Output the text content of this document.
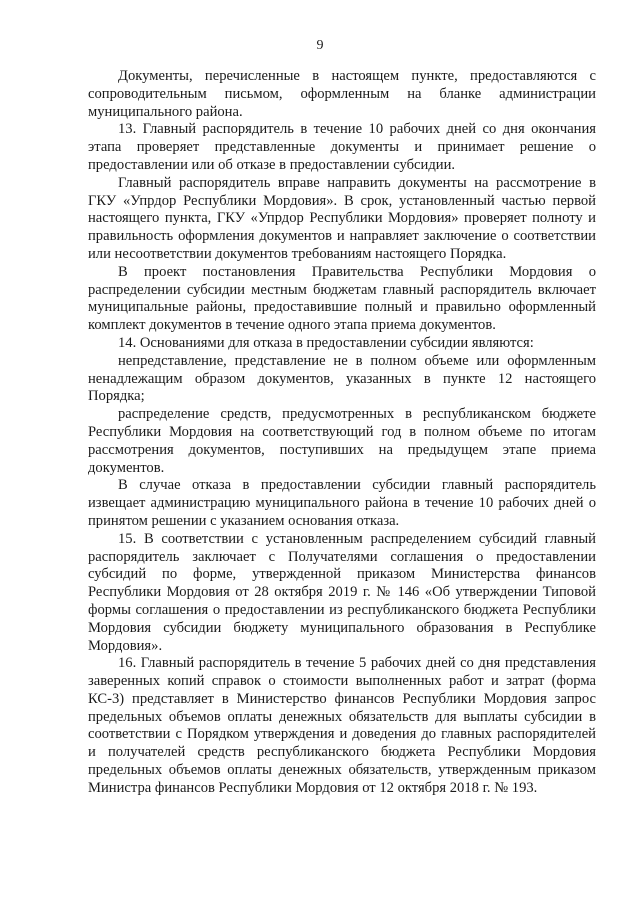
9

Документы, перечисленные в настоящем пункте, предоставляются с сопроводительным письмом, оформленным на бланке администрации муниципального района.

13. Главный распорядитель в течение 10 рабочих дней со дня окончания этапа проверяет представленные документы и принимает решение о предоставлении или об отказе в предоставлении субсидии.

Главный распорядитель вправе направить документы на рассмотрение в ГКУ «Упрдор Республики Мордовия». В срок, установленный частью первой настоящего пункта, ГКУ «Упрдор Республики Мордовия» проверяет полноту и правильность оформления документов и направляет заключение о соответствии или несоответствии документов требованиям настоящего Порядка.

В проект постановления Правительства Республики Мордовия о распределении субсидии местным бюджетам главный распорядитель включает муниципальные районы, предоставившие полный и правильно оформленный комплект документов в течение одного этапа приема документов.

14. Основаниями для отказа в предоставлении субсидии являются:

непредставление, представление не в полном объеме или оформленным ненадлежащим образом документов, указанных в пункте 12 настоящего Порядка;

распределение средств, предусмотренных в республиканском бюджете Республики Мордовия на соответствующий год в полном объеме по итогам рассмотрения документов, поступивших на предыдущем этапе приема документов.

В случае отказа в предоставлении субсидии главный распорядитель извещает администрацию муниципального района в течение 10 рабочих дней о принятом решении с указанием основания отказа.

15. В соответствии с установленным распределением субсидий главный распорядитель заключает с Получателями соглашения о предоставлении субсидий по форме, утвержденной приказом Министерства финансов Республики Мордовия от 28 октября 2019 г. № 146 «Об утверждении Типовой формы соглашения о предоставлении из республиканского бюджета Республики Мордовия субсидии бюджету муниципального образования в Республике Мордовия».

16. Главный распорядитель в течение 5 рабочих дней со дня представления заверенных копий справок о стоимости выполненных работ и затрат (форма КС-3) представляет в Министерство финансов Республики Мордовия запрос предельных объемов оплаты денежных обязательств для выплаты субсидии в соответствии с Порядком утверждения и доведения до главных распорядителей и получателей средств республиканского бюджета Республики Мордовия предельных объемов оплаты денежных обязательств, утвержденным приказом Министра финансов Республики Мордовия от 12 октября 2018 г. № 193.
